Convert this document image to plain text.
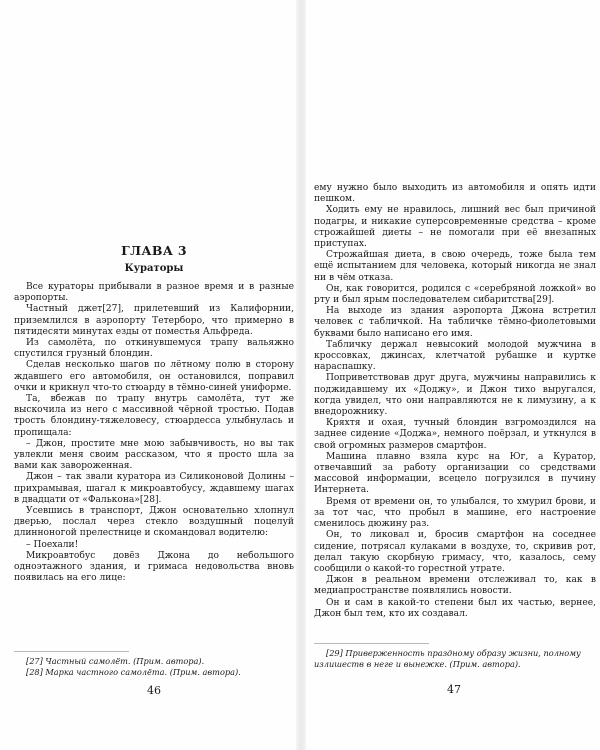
ГЛАВА 3
Кураторы

Все кураторы прибывали в разное время и в разные аэропорты.

Частный джет[27], прилетевший из Калифорнии, приземлился в аэропорту Тетерборо, что примерно в пятидесяти минутах езды от поместья Альфреда.

Из самолёта, по откинувшемуся трапу вальяжно спустился грузный блондин.

Сделав несколько шагов по лётному полю в сторону ждавшего его автомобиля, он остановился, поправил очки и крикнул что-то стюарду в тёмно-синей униформе.

Та, вбежав по трапу внутрь самолёта, тут же выскочила из него с массивной чёрной тростью. Подав трость блондину-тяжеловесу, стюардесса улыбнулась и пропищала:

– Джон, простите мне мою забывчивость, но вы так увлекли меня своим рассказом, что я просто шла за вами как завороженная.

Джон – так звали куратора из Силиконовой Долины – прихрамывая, шагал к микроавтобусу, ждавшему шагах в двадцати от «Фалькона»[28].

Усевшись в транспорт, Джон основательно хлопнул дверью, послал через стекло воздушный поцелуй длинноногой прелестнице и скомандовал водителю:

– Поехали!

Микроавтобус довёз Джона до небольшого одноэтажного здания, и гримаса недовольства вновь появилась на его лице:

[27] Частный самолёт. (Прим. автора).

[28] Марка частного самолёта. (Прим. автора).

46

ему нужно было выходить из автомобиля и опять идти пешком.

Ходить ему не нравилось, лишний вес был причиной подагры, и никакие суперсовременные средства – кроме строжайшей диеты – не помогали при её внезапных приступах.

Строжайшая диета, в свою очередь, тоже была тем ещё испытанием для человека, который никогда не знал ни в чём отказа.

Он, как говорится, родился с «серебряной ложкой» во рту и был ярым последователем сибаритства[29].

На выходе из здания аэропорта Джона встретил человек с табличкой. На табличке тёмно-фиолетовыми буквами было написано его имя.

Табличку держал невысокий молодой мужчина в кроссовках, джинсах, клетчатой рубашке и куртке нараспашку.

Поприветствовав друг друга, мужчины направились к поджидавшему их «Доджу», и Джон тихо выругался, когда увидел, что они направляются не к лимузину, а к внедорожнику.

Кряхтя и охая, тучный блондин взгромоздился на заднее сидение «Доджа», немного поёрзал, и уткнулся в свой огромных размеров смартфон.

Машина плавно взяла курс на Юг, а Куратор, отвечавший за работу организации со средствами массовой информации, всецело погрузился в пучину Интернета.

Время от времени он, то улыбался, то хмурил брови, и за тот час, что пробыл в машине, его настроение сменилось дюжину раз.

Он, то ликовал и, бросив смартфон на соседнее сидение, потрясал кулаками в воздухе, то, скривив рот, делал такую скорбную гримасу, что, казалось, сему сообщили о какой-то горестной утрате.

Джон в реальном времени отслеживал то, как в медиапространстве появлялись новости.

Он и сам в какой-то степени был их частью, вернее, Джон был тем, кто их создавал.

[29] Приверженность праздному образу жизни, полному излишеств в неге и вынежке. (Прим. автора).

47
